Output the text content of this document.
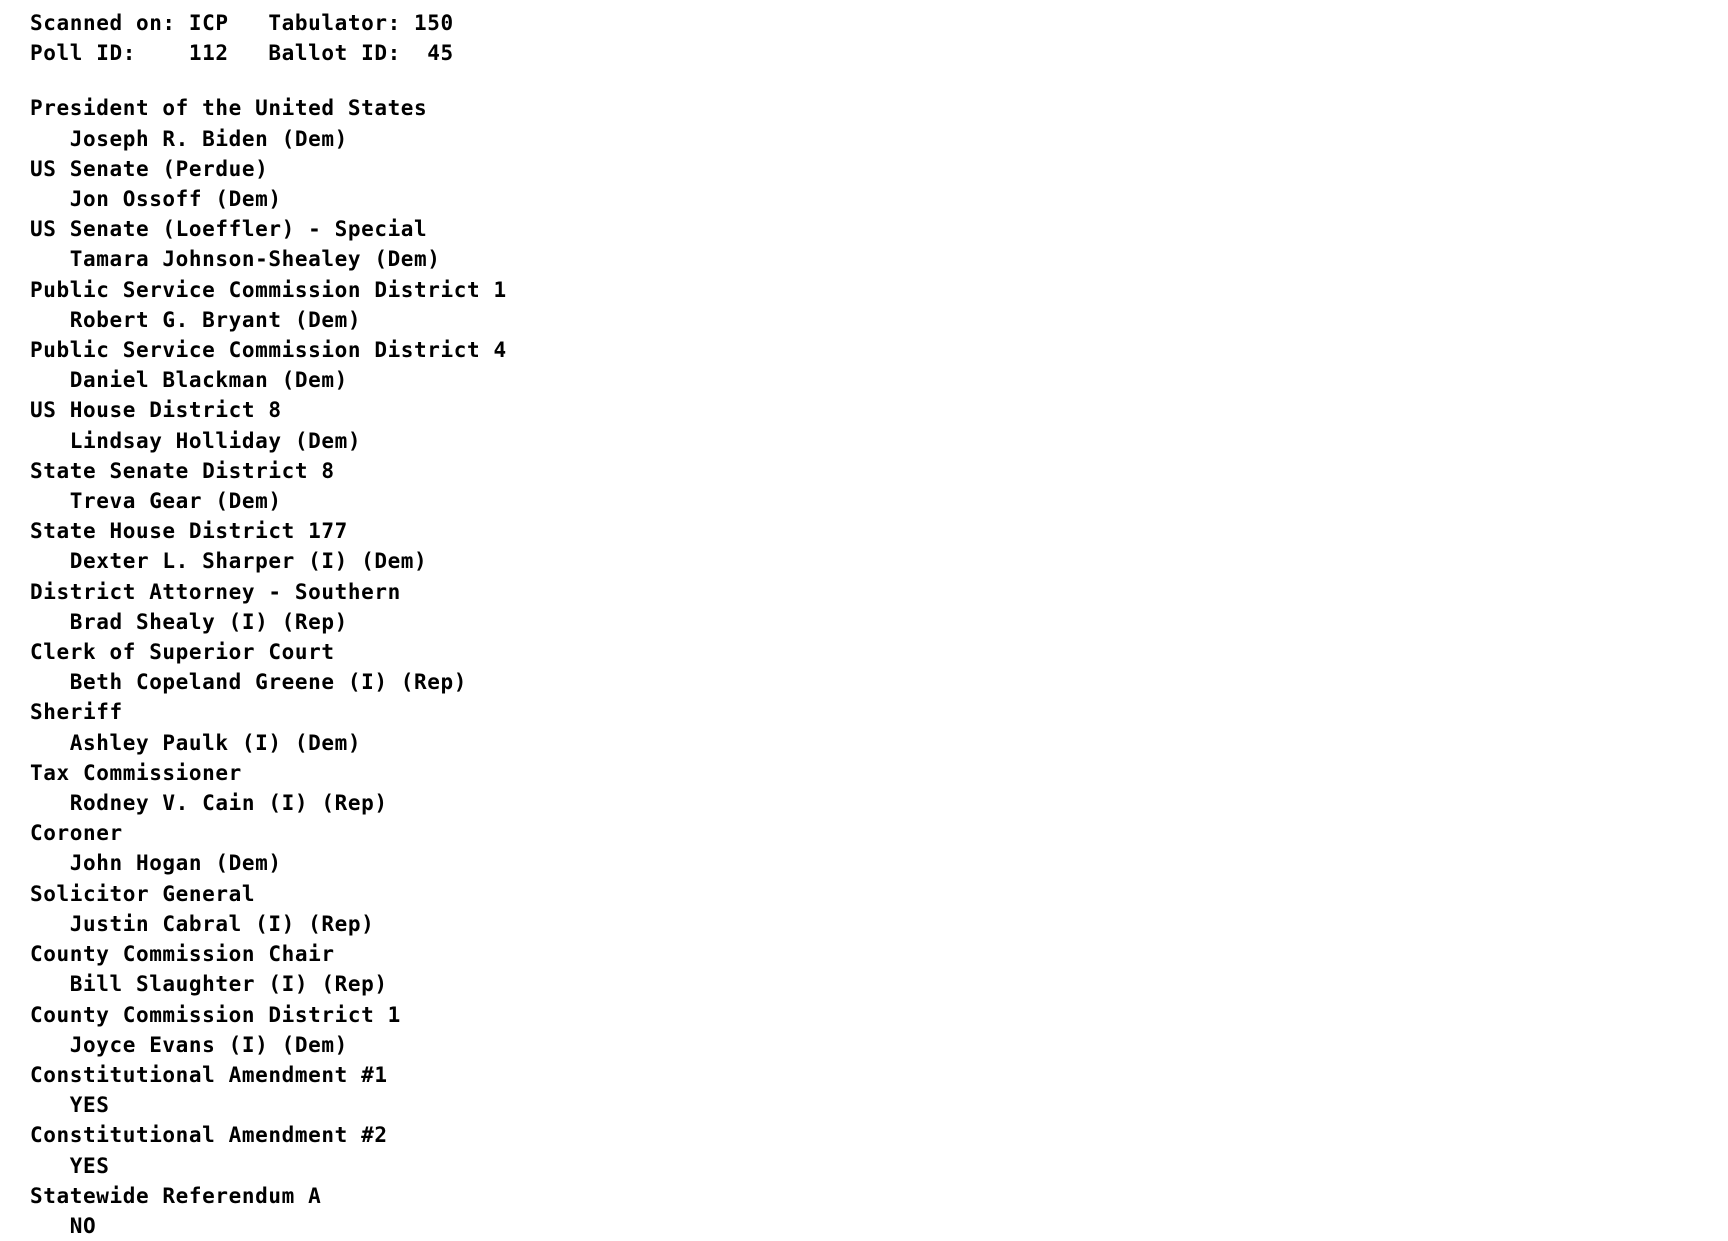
Scanned on: ICP   Tabulator: 150
Poll ID:    112   Ballot ID:  45
President of the United States
Joseph R. Biden (Dem)
US Senate (Perdue)
Jon Ossoff (Dem)
US Senate (Loeffler) - Special
Tamara Johnson-Shealey (Dem)
Public Service Commission District 1
Robert G. Bryant (Dem)
Public Service Commission District 4
Daniel Blackman (Dem)
US House District 8
Lindsay Holliday (Dem)
State Senate District 8
Treva Gear (Dem)
State House District 177
Dexter L. Sharper (I) (Dem)
District Attorney - Southern
Brad Shealy (I) (Rep)
Clerk of Superior Court
Beth Copeland Greene (I) (Rep)
Sheriff
Ashley Paulk (I) (Dem)
Tax Commissioner
Rodney V. Cain (I) (Rep)
Coroner
John Hogan (Dem)
Solicitor General
Justin Cabral (I) (Rep)
County Commission Chair
Bill Slaughter (I) (Rep)
County Commission District 1
Joyce Evans (I) (Dem)
Constitutional Amendment #1
YES
Constitutional Amendment #2
YES
Statewide Referendum A
NO
